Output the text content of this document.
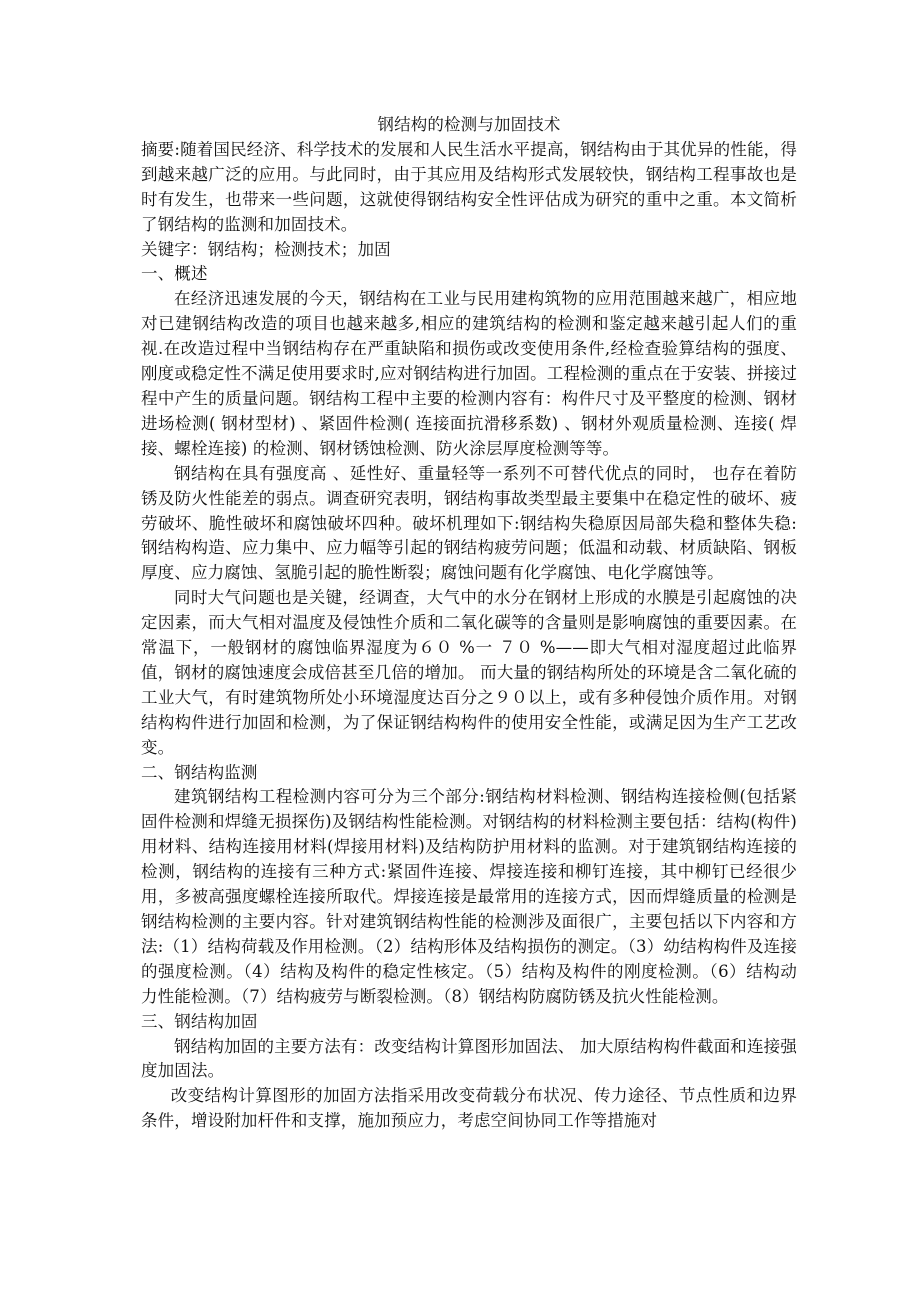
钢结构的检测与加固技术

摘要:随着国民经济、科学技术的发展和人民生活水平提高，钢结构由于其优异的性能，得到越来越广泛的应用。与此同时，由于其应用及结构形式发展较快，钢结构工程事故也是时有发生，也带来一些问题，这就使得钢结构安全性评估成为研究的重中之重。本文简析了钢结构的监测和加固技术。

关键字：钢结构；检测技术；加固

一、概述

在经济迅速发展的今天，钢结构在工业与民用建构筑物的应用范围越来越广，相应地对已建钢结构改造的项目也越来越多,相应的建筑结构的检测和鉴定越来越引起人们的重视.在改造过程中当钢结构存在严重缺陷和损伤或改变使用条件,经检查验算结构的强度、刚度或稳定性不满足使用要求时,应对钢结构进行加固。工程检测的重点在于安装、拼接过程中产生的质量问题。钢结构工程中主要的检测内容有：构件尺寸及平整度的检测、钢材进场检测( 钢材型材) 、紧固件检测( 连接面抗滑移系数) 、钢材外观质量检测、连接( 焊接、螺栓连接) 的检测、钢材锈蚀检测、防火涂层厚度检测等等。

钢结构在具有强度高 、延性好、重量轻等一系列不可替代优点的同时， 也存在着防锈及防火性能差的弱点。调查研究表明，钢结构事故类型最主要集中在稳定性的破坏、疲劳破坏、脆性破坏和腐蚀破坏四种。破坏机理如下:钢结构失稳原因局部失稳和整体失稳:钢结构构造、应力集中、应力幅等引起的钢结构疲劳问题；低温和动载、材质缺陷、钢板厚度、应力腐蚀、氢脆引起的脆性断裂；腐蚀问题有化学腐蚀、电化学腐蚀等。

同时大气问题也是关键，经调查，大气中的水分在钢材上形成的水膜是引起腐蚀的决定因素，而大气相对温度及侵蚀性介质和二氧化碳等的含量则是影响腐蚀的重要因素。在常温下，一般钢材的腐蚀临界湿度为６０ %一 ７０ %——即大气相对湿度超过此临界值，钢材的腐蚀速度会成倍甚至几倍的增加。 而大量的钢结构所处的环境是含二氧化硫的工业大气，有时建筑物所处小环境湿度达百分之９０以上，或有多种侵蚀介质作用。对钢结构构件进行加固和检测，为了保证钢结构构件的使用安全性能，或满足因为生产工艺改变。

二、钢结构监测

建筑钢结构工程检测内容可分为三个部分:钢结构材料检测、钢结构连接检侧(包括紧固件检测和焊缝无损探伤)及钢结构性能检测。对钢结构的材料检测主要包括：结构(构件)用材料、结构连接用材料(焊接用材料)及结构防护用材料的监测。对于建筑钢结构连接的检测，钢结构的连接有三种方式:紧固件连接、焊接连接和柳钉连接，其中柳钉已经很少用，多被高强度螺栓连接所取代。焊接连接是最常用的连接方式，因而焊缝质量的检测是钢结构检测的主要内容。针对建筑钢结构性能的检测涉及面很广，主要包括以下内容和方法:（1）结构荷载及作用检测。（2）结构形体及结构损伤的测定。（3）幼结构构件及连接的强度检测。（4）结构及构件的稳定性核定。（5）结构及构件的刚度检测。（6）结构动力性能检测。（7）结构疲劳与断裂检测。（8）钢结构防腐防锈及抗火性能检测。

三、钢结构加固

钢结构加固的主要方法有：改变结构计算图形加固法、 加大原结构构件截面和连接强度加固法。

改变结构计算图形的加固方法指采用改变荷载分布状况、传力途径、节点性质和边界条件，增设附加杆件和支撑，施加预应力，考虑空间协同工作等措施对
